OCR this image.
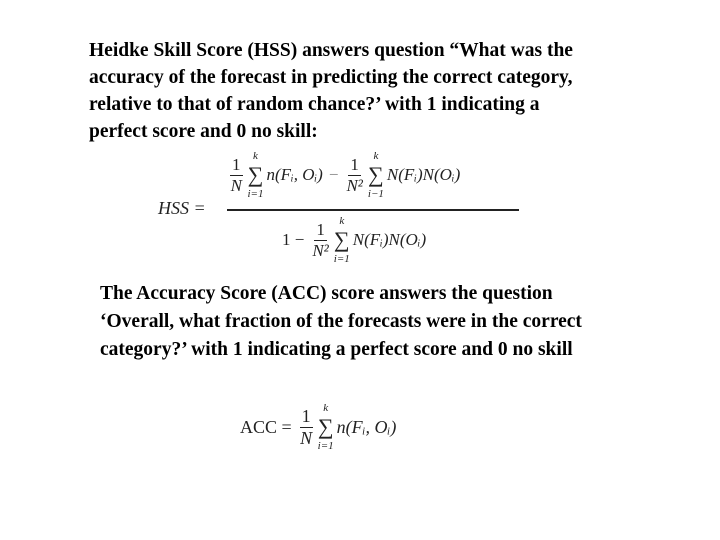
Heidke Skill Score (HSS) answers question “What was the
accuracy of the forecast in predicting the correct category,
relative to that of random chance?’ with 1 indicating a
perfect score and 0 no skill:
HSS =
$\frac{1}{N}$ k
∑
i=1
n(Fᵢ, Oᵢ) − $\frac{1}{\text{N²}}$ k
∑
i−1
N(Fᵢ)N(Oᵢ)
$1 - \frac{1}{\text{N²}}$ k
∑
i=1
N(Fᵢ)N(Oᵢ)
The Accuracy Score (ACC) score answers the question
‘Overall, what fraction of the forecasts were in the correct
category?’ with 1 indicating a perfect score and 0 no skill
ACC = $\frac{1}{N}$ k
∑
i=1
n(Fᵢ, Oᵢ)
